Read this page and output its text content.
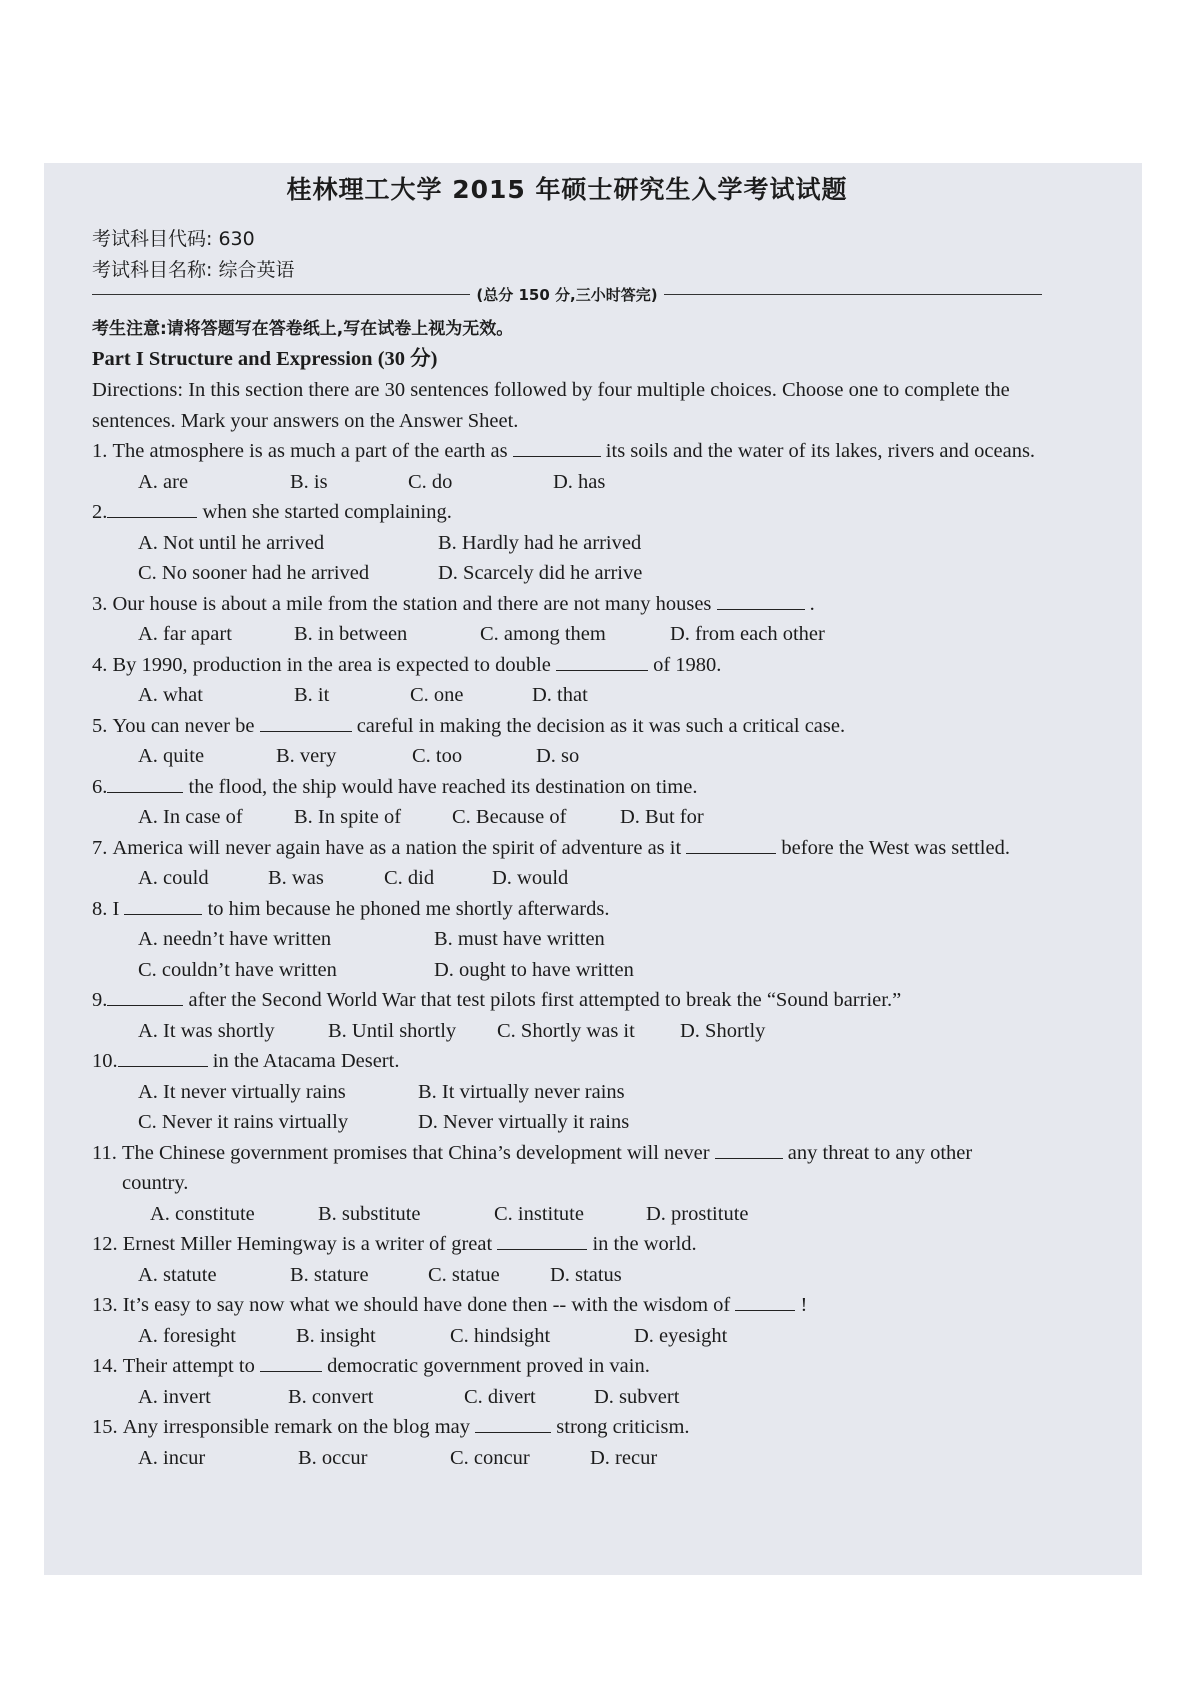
桂林理工大学 2015 年硕士研究生入学考试试题
考试科目代码: 630
考试科目名称: 综合英语
(总分 150 分,三小时答完)
考生注意:请将答题写在答卷纸上,写在试卷上视为无效。
Part I Structure and Expression (30 分)
Directions: In this section there are 30 sentences followed by four multiple choices. Choose one to complete the sentences. Mark your answers on the Answer Sheet.
1. The atmosphere is as much a part of the earth as	its soils and the water of its lakes, rivers and oceans.
A. are	B. is	C. do	D. has
2.	when she started complaining.
A. Not until he arrived	B. Hardly had he arrived
C. No sooner had he arrived	D. Scarcely did he arrive
3. Our house is about a mile from the station and there are not many houses	.
A. far apart	B. in between	C. among them	D. from each other
4. By 1990, production in the area is expected to double	of 1980.
A. what	B. it	C. one	D. that
5. You can never be	careful in making the decision as it was such a critical case.
A. quite	B. very	C. too	D. so
6.	the flood, the ship would have reached its destination on time.
A. In case of	B. In spite of	C. Because of	D. But for
7. America will never again have as a nation the spirit of adventure as it	before the West was settled.
A. could	B. was	C. did	D. would
8. I	to him because he phoned me shortly afterwards.
A. needn’t have written	B. must have written
C. couldn’t have written	D. ought to have written
9.	after the Second World War that test pilots first attempted to break the “Sound barrier.”
A. It was shortly	B. Until shortly	C. Shortly was it	D. Shortly
10.	in the Atacama Desert.
A. It never virtually rains	B. It virtually never rains
C. Never it rains virtually	D. Never virtually it rains
11. The Chinese government promises that China’s development will never	any threat to any other country.
A. constitute	B. substitute	C. institute	D. prostitute
12. Ernest Miller Hemingway is a writer of great	in the world.
A. statute	B. stature	C. statue	D. status
13. It’s easy to say now what we should have done then -- with the wisdom of	!
A. foresight	B. insight	C. hindsight	D. eyesight
14. Their attempt to	democratic government proved in vain.
A. invert	B. convert	C. divert	D. subvert
15. Any irresponsible remark on the blog may	strong criticism.
A. incur	B. occur	C. concur	D. recur
